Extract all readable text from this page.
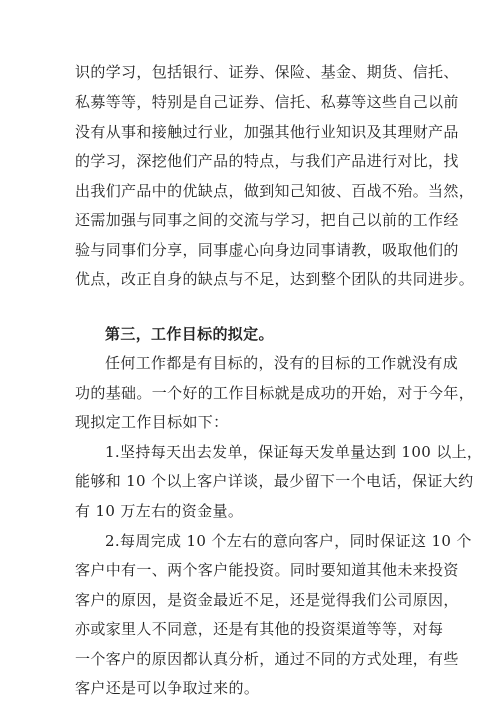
识的学习，包括银行、证券、保险、基金、期货、信托、
私募等等，特别是自己证券、信托、私募等这些自己以前
没有从事和接触过行业，加强其他行业知识及其理财产品
的学习，深挖他们产品的特点，与我们产品进行对比，找
出我们产品中的优缺点，做到知己知彼、百战不殆。当然，
还需加强与同事之间的交流与学习，把自己以前的工作经
验与同事们分享，同事虚心向身边同事请教，吸取他们的
优点，改正自身的缺点与不足，达到整个团队的共同进步。
第三，工作目标的拟定。
任何工作都是有目标的，没有的目标的工作就没有成
功的基础。一个好的工作目标就是成功的开始，对于今年，
现拟定工作目标如下：
1.坚持每天出去发单，保证每天发单量达到 100 以上，
能够和 10 个以上客户详谈，最少留下一个电话，保证大约
有 10 万左右的资金量。
2.每周完成 10 个左右的意向客户，同时保证这 10 个
客户中有一、两个客户能投资。同时要知道其他未来投资
客户的原因，是资金最近不足，还是觉得我们公司原因，
亦或家里人不同意，还是有其他的投资渠道等等，对每
一个客户的原因都认真分析，通过不同的方式处理，有些
客户还是可以争取过来的。
